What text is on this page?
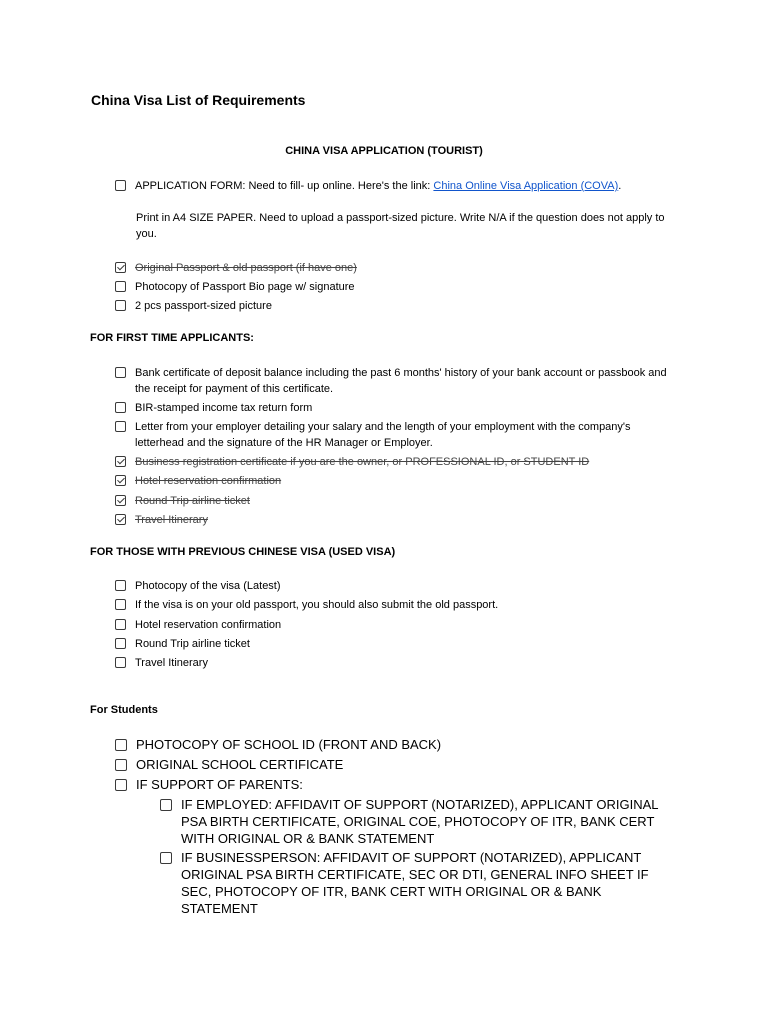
China Visa List of Requirements
CHINA VISA APPLICATION (TOURIST)
APPLICATION FORM: Need to fill- up online. Here's the link: China Online Visa Application (COVA).
Print in A4 SIZE PAPER. Need to upload a passport-sized picture. Write N/A if the question does not apply to you.
Original Passport & old passport (if have one)
Photocopy of Passport Bio page w/ signature
2 pcs passport-sized picture
FOR FIRST TIME APPLICANTS:
Bank certificate of deposit balance including the past 6 months' history of your bank account or passbook and the receipt for payment of this certificate.
BIR-stamped income tax return form
Letter from your employer detailing your salary and the length of your employment with the company's letterhead and the signature of the HR Manager or Employer.
Business registration certificate if you are the owner, or PROFESSIONAL ID, or STUDENT ID
Hotel reservation confirmation
Round Trip airline ticket
Travel Itinerary
FOR THOSE WITH PREVIOUS CHINESE VISA (USED VISA)
Photocopy of the visa (Latest)
If the visa is on your old passport, you should also submit the old passport.
Hotel reservation confirmation
Round Trip airline ticket
Travel Itinerary
For Students
PHOTOCOPY OF SCHOOL ID (FRONT AND BACK)
ORIGINAL SCHOOL CERTIFICATE
IF SUPPORT OF PARENTS:
IF EMPLOYED: AFFIDAVIT OF SUPPORT (NOTARIZED), APPLICANT ORIGINAL PSA BIRTH CERTIFICATE, ORIGINAL COE, PHOTOCOPY OF ITR, BANK CERT WITH ORIGINAL OR & BANK STATEMENT
IF BUSINESSPERSON: AFFIDAVIT OF SUPPORT (NOTARIZED), APPLICANT ORIGINAL PSA BIRTH CERTIFICATE, SEC OR DTI, GENERAL INFO SHEET IF SEC, PHOTOCOPY OF ITR, BANK CERT WITH ORIGINAL OR & BANK STATEMENT
